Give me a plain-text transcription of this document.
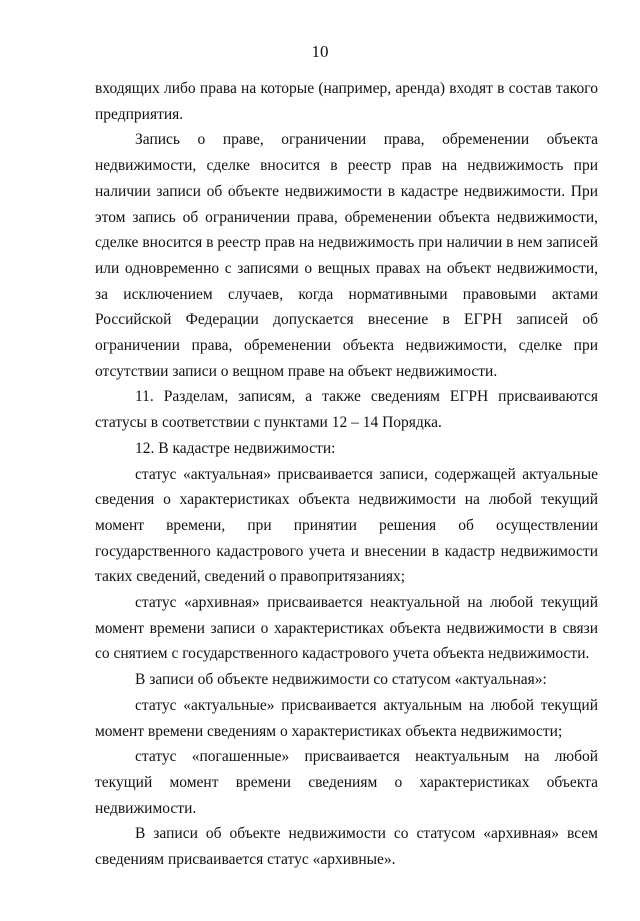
10

входящих либо права на которые (например, аренда) входят в состав такого предприятия.

Запись о праве, ограничении права, обременении объекта недвижимости, сделке вносится в реестр прав на недвижимость при наличии записи об объекте недвижимости в кадастре недвижимости. При этом запись об ограничении права, обременении объекта недвижимости, сделке вносится в реестр прав на недвижимость при наличии в нем записей или одновременно с записями о вещных правах на объект недвижимости, за исключением случаев, когда нормативными правовыми актами Российской Федерации допускается внесение в ЕГРН записей об ограничении права, обременении объекта недвижимости, сделке при отсутствии записи о вещном праве на объект недвижимости.

11. Разделам, записям, а также сведениям ЕГРН присваиваются статусы в соответствии с пунктами 12 – 14 Порядка.

12. В кадастре недвижимости:

статус «актуальная» присваивается записи, содержащей актуальные сведения о характеристиках объекта недвижимости на любой текущий момент времени, при принятии решения об осуществлении государственного кадастрового учета и внесении в кадастр недвижимости таких сведений, сведений о правопритязаниях;

статус «архивная» присваивается неактуальной на любой текущий момент времени записи о характеристиках объекта недвижимости в связи со снятием с государственного кадастрового учета объекта недвижимости.

В записи об объекте недвижимости со статусом «актуальная»:

статус «актуальные» присваивается актуальным на любой текущий момент времени сведениям о характеристиках объекта недвижимости;

статус «погашенные» присваивается неактуальным на любой текущий момент времени сведениям о характеристиках объекта недвижимости.

В записи об объекте недвижимости со статусом «архивная» всем сведениям присваивается статус «архивные».
